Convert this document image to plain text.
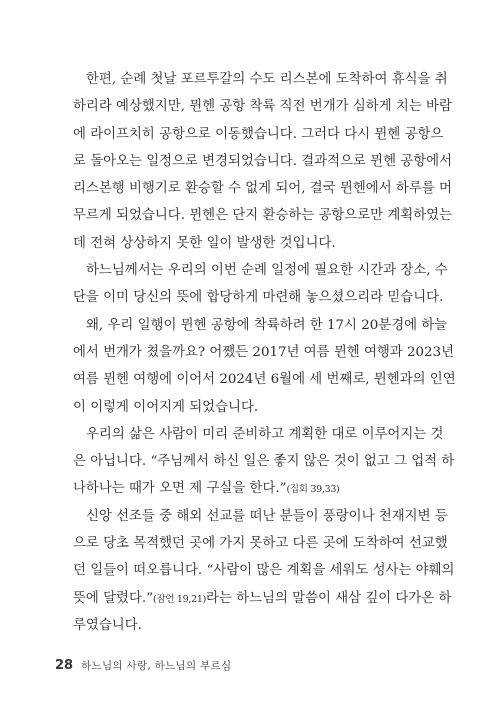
한편, 순례 첫날 포르투갈의 수도 리스본에 도착하여 휴식을 취
하리라 예상했지만, 뮌헨 공항 착륙 직전 번개가 심하게 치는 바람
에 라이프치히 공항으로 이동했습니다. 그러다 다시 뮌헨 공항으
로 돌아오는 일정으로 변경되었습니다. 결과적으로 뮌헨 공항에서
리스본행 비행기로 환승할 수 없게 되어, 결국 뮌헨에서 하루를 머
무르게 되었습니다. 뮌헨은 단지 환승하는 공항으로만 계획하였는
데 전혀 상상하지 못한 일이 발생한 것입니다.
하느님께서는 우리의 이번 순례 일정에 필요한 시간과 장소, 수
단을 이미 당신의 뜻에 합당하게 마련해 놓으셨으리라 믿습니다.
왜, 우리 일행이 뮌헨 공항에 착륙하려 한 17시 20분경에 하늘
에서 번개가 쳤을까요? 어쨌든 2017년 여름 뮌헨 여행과 2023년
여름 뮌헨 여행에 이어서 2024년 6월에 세 번째로, 뮌헨과의 인연
이 이렇게 이어지게 되었습니다.
우리의 삶은 사람이 미리 준비하고 계획한 대로 이루어지는 것
은 아닙니다. “주님께서 하신 일은 좋지 않은 것이 없고 그 업적 하
나하나는 때가 오면 제 구실을 한다.”(집회 39,33)
신앙 선조들 중 해외 선교를 떠난 분들이 풍랑이나 천재지변 등
으로 당초 목적했던 곳에 가지 못하고 다른 곳에 도착하여 선교했
던 일들이 떠오릅니다. “사람이 많은 계획을 세워도 성사는 야훼의
뜻에 달렸다.”(잠언 19,21)라는 하느님의 말씀이 새삼 깊이 다가온 하
루였습니다.
28 하느님의 사랑, 하느님의 부르심
